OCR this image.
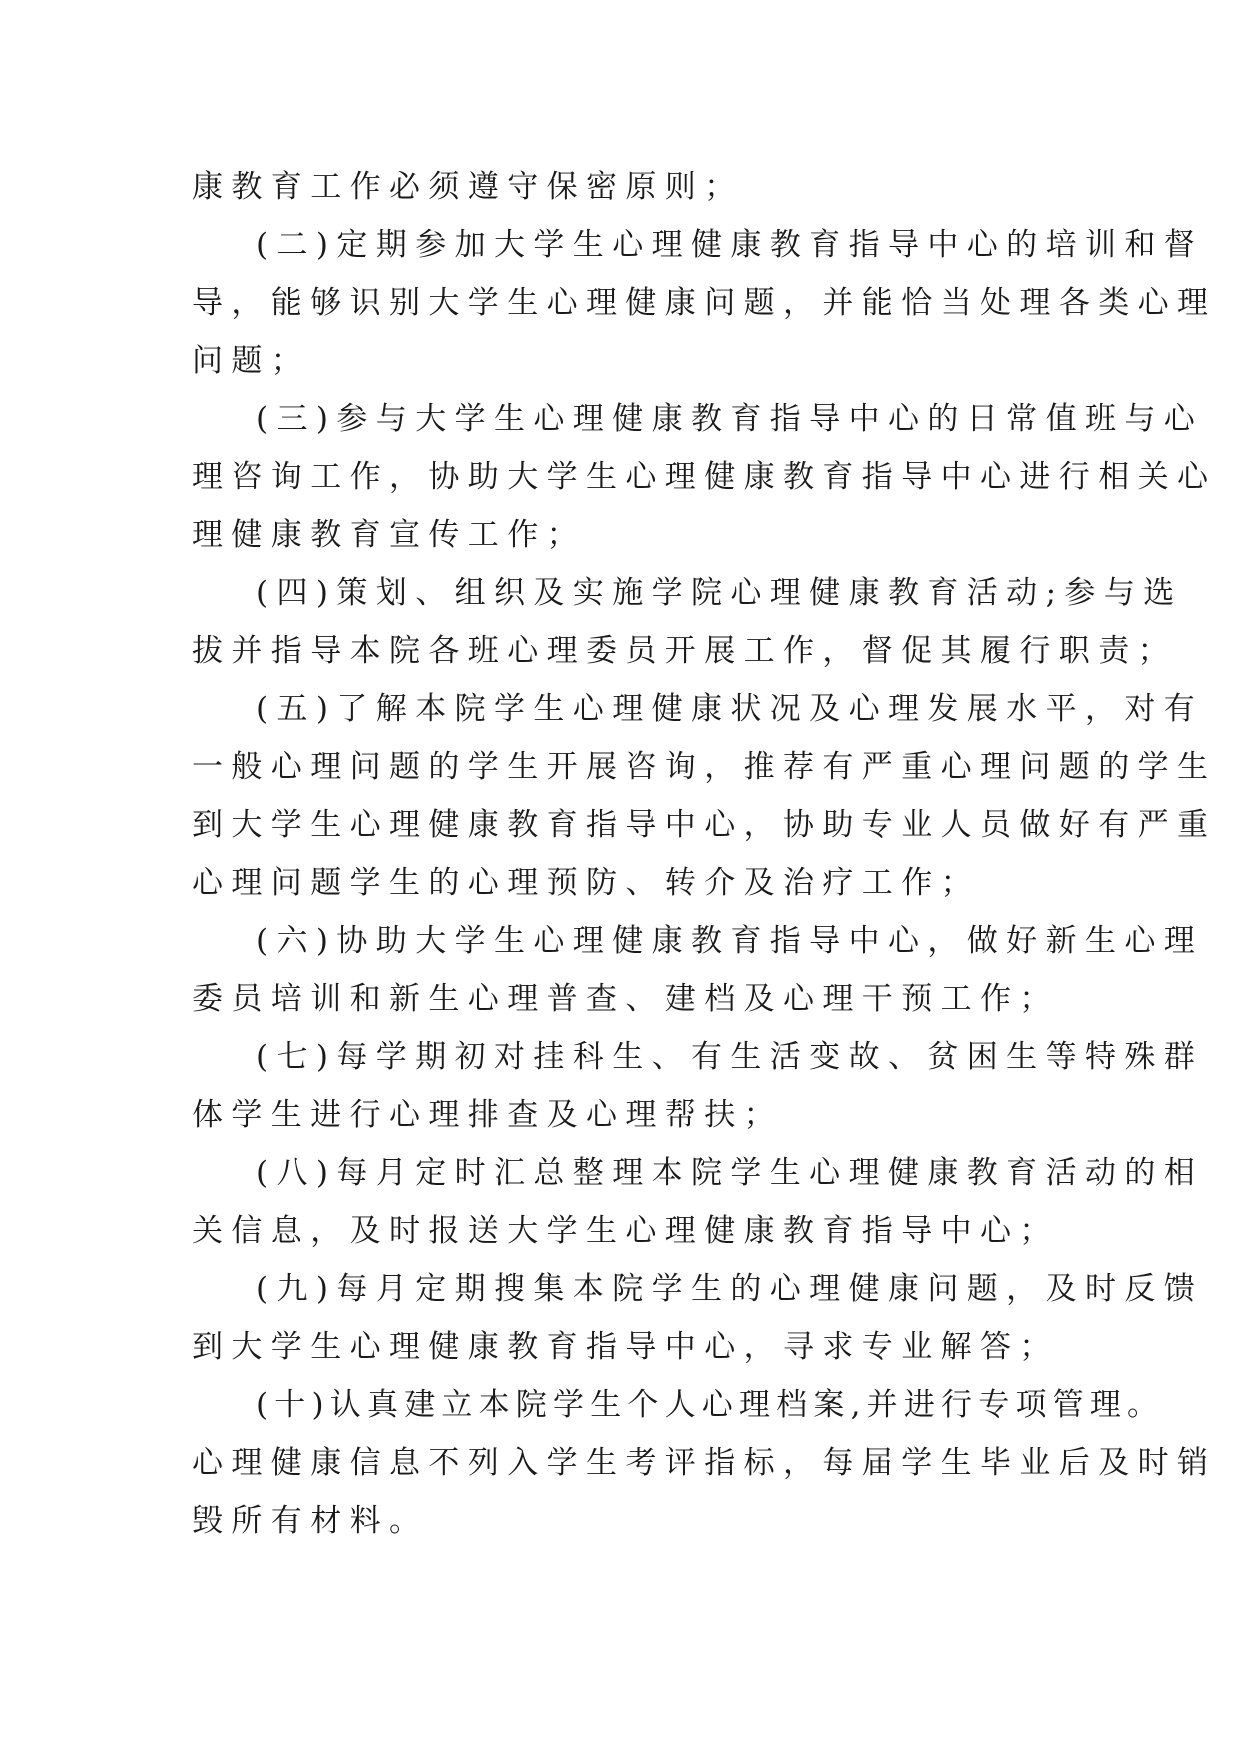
康教育工作必须遵守保密原则；
(二)定期参加大学生心理健康教育指导中心的培训和督
导，能够识别大学生心理健康问题，并能恰当处理各类心理
问题；
(三)参与大学生心理健康教育指导中心的日常值班与心
理咨询工作，协助大学生心理健康教育指导中心进行相关心
理健康教育宣传工作；
(四)策划、组织及实施学院心理健康教育活动;参与选
拔并指导本院各班心理委员开展工作，督促其履行职责；
(五)了解本院学生心理健康状况及心理发展水平，对有
一般心理问题的学生开展咨询，推荐有严重心理问题的学生
到大学生心理健康教育指导中心，协助专业人员做好有严重
心理问题学生的心理预防、转介及治疗工作；
(六)协助大学生心理健康教育指导中心，做好新生心理
委员培训和新生心理普查、建档及心理干预工作；
(七)每学期初对挂科生、有生活变故、贫困生等特殊群
体学生进行心理排查及心理帮扶；
(八)每月定时汇总整理本院学生心理健康教育活动的相
关信息，及时报送大学生心理健康教育指导中心；
(九)每月定期搜集本院学生的心理健康问题，及时反馈
到大学生心理健康教育指导中心，寻求专业解答；
(十)认真建立本院学生个人心理档案,并进行专项管理。
心理健康信息不列入学生考评指标，每届学生毕业后及时销
毁所有材料。
